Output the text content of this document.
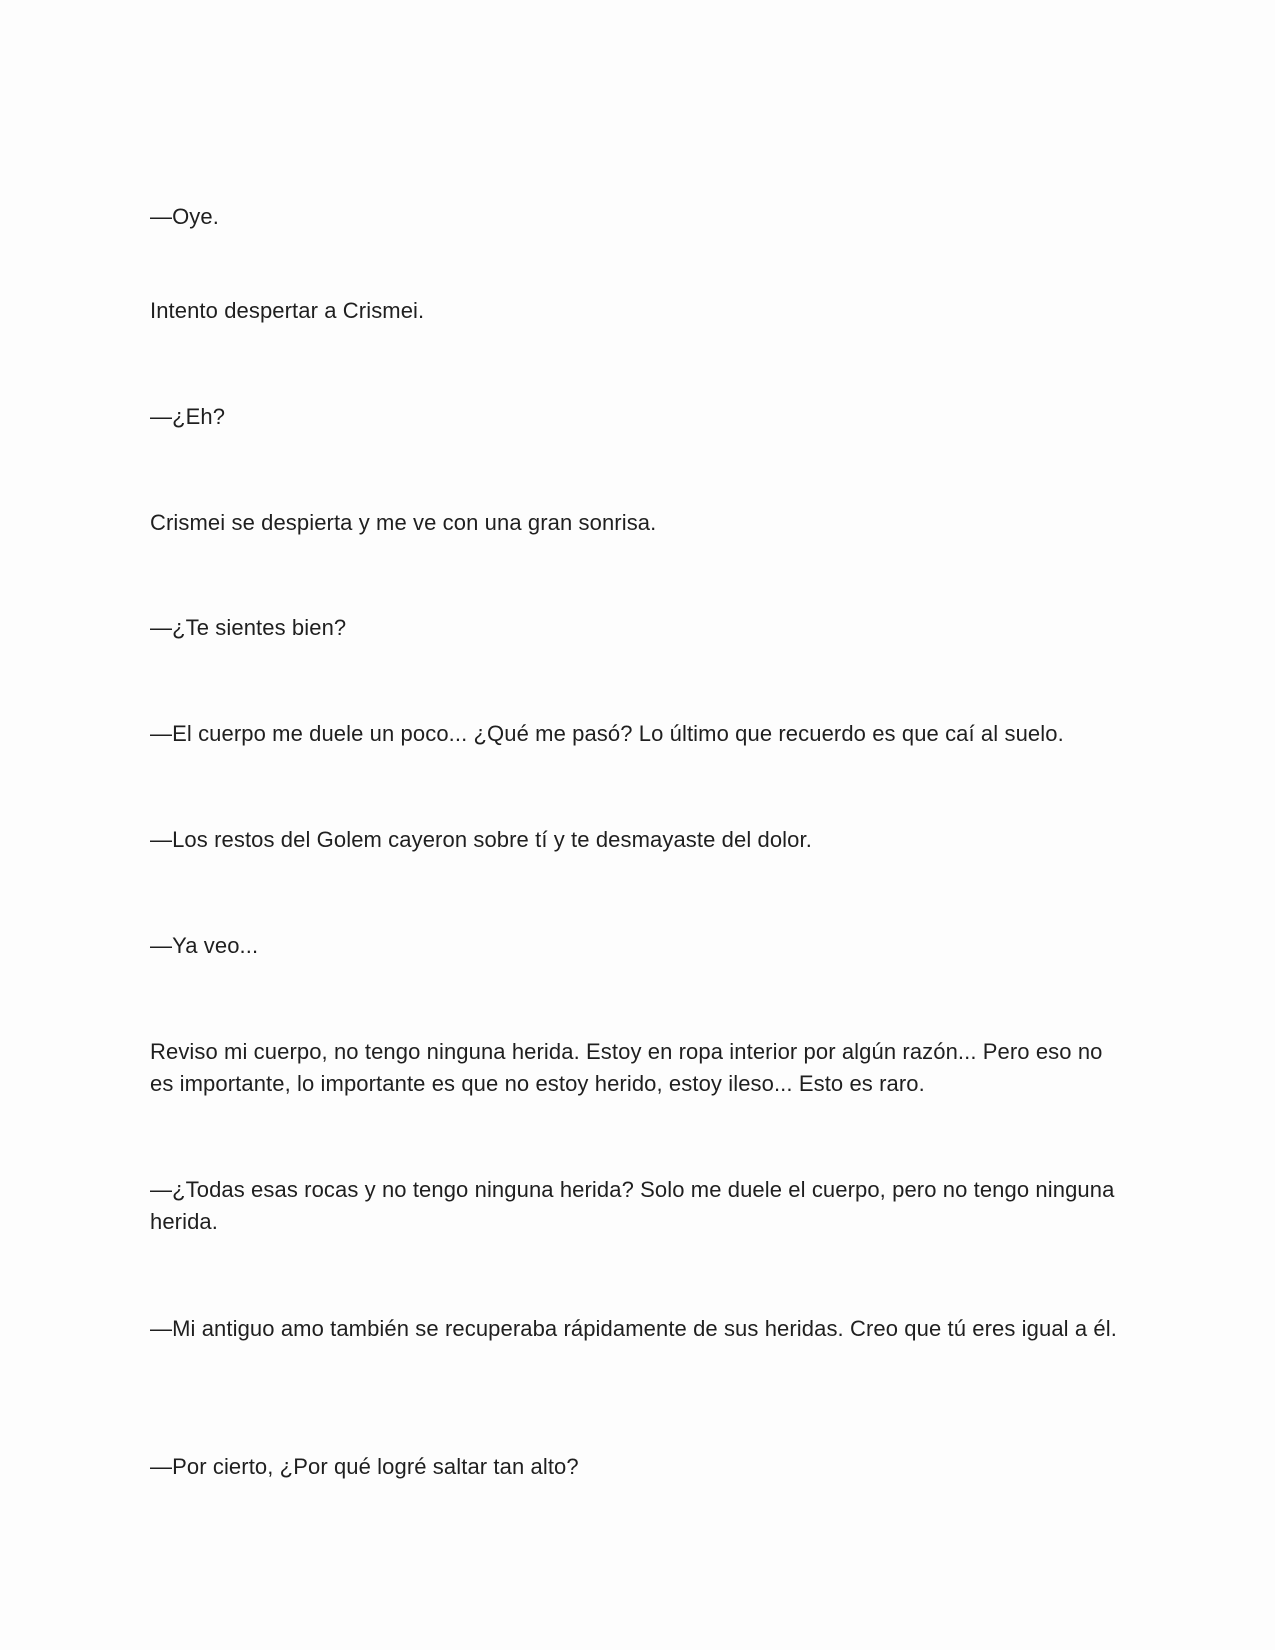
—Oye.

Intento despertar a Crismei.

—¿Eh?

Crismei se despierta y me ve con una gran sonrisa.

—¿Te sientes bien?

—El cuerpo me duele un poco... ¿Qué me pasó? Lo último que recuerdo es que caí al suelo.

—Los restos del Golem cayeron sobre tí y te desmayaste del dolor.

—Ya veo...

Reviso mi cuerpo, no tengo ninguna herida. Estoy en ropa interior por algún razón... Pero eso no es importante, lo importante es que no estoy herido, estoy ileso... Esto es raro.

—¿Todas esas rocas y no tengo ninguna herida? Solo me duele el cuerpo, pero no tengo ninguna herida.

—Mi antiguo amo también se recuperaba rápidamente de sus heridas. Creo que tú eres igual a él.

—Por cierto, ¿Por qué logré saltar tan alto?
